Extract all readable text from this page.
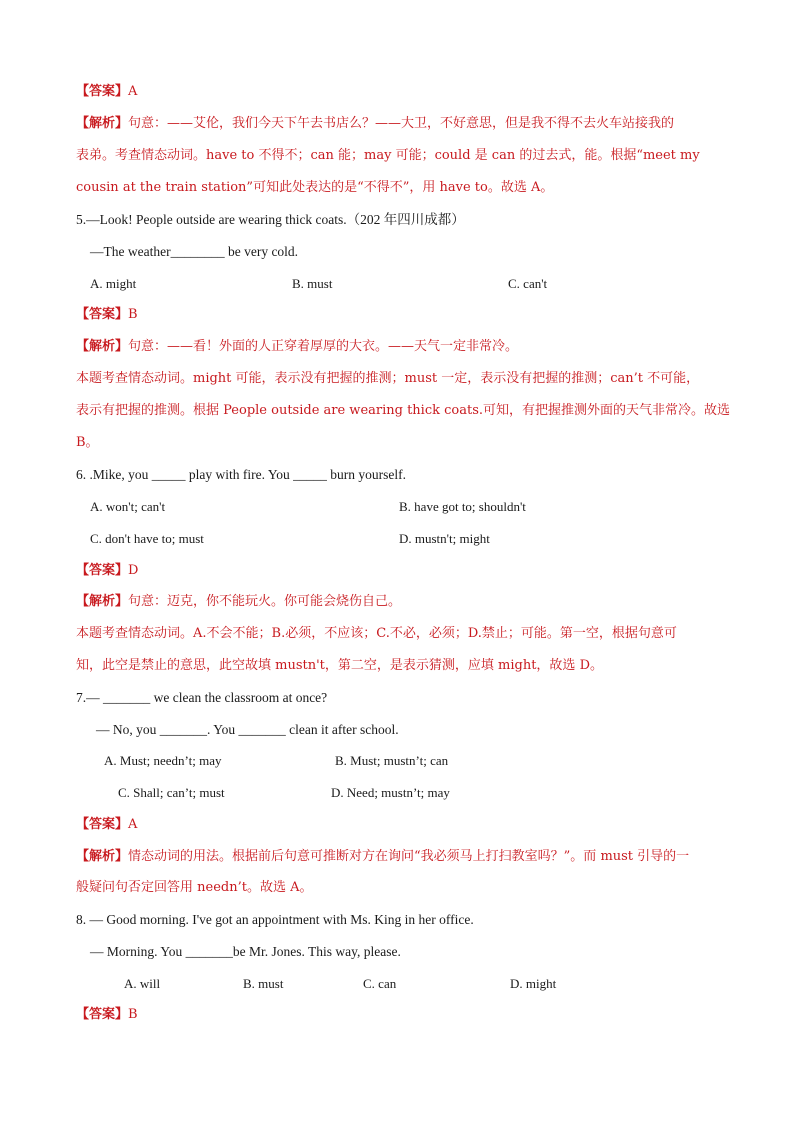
【答案】A
【解析】句意：——艾伦，我们今天下午去书店么？——大卫，不好意思，但是我不得不去火车站接我的
表弟。考查情态动词。have to 不得不；can 能；may 可能；could 是 can 的过去式，能。根据“meet my
cousin at the train station”可知此处表达的是“不得不”，用 have to。故选 A。
5.—Look! People outside are wearing thick coats.（202 年四川成都）
—The weather________ be very cold.
A. might	B. must	C. can't
【答案】B
【解析】句意：——看！外面的人正穿着厚厚的大衣。——天气一定非常冷。
本题考查情态动词。might 可能，表示没有把握的推测；must 一定，表示没有把握的推测；can’t 不可能，
表示有把握的推测。根据 People outside are wearing thick coats.可知，有把握推测外面的天气非常冷。故选
B。
6. .Mike, you _____ play with fire. You _____ burn yourself.
A. won't; can't	B. have got to; shouldn't
C. don't have to; must	D. mustn't; might
【答案】D
【解析】句意：迈克，你不能玩火。你可能会烧伤自己。
本题考查情态动词。A.不会不能；B.必须，不应该；C.不必，必须；D.禁止；可能。第一空，根据句意可
知，此空是禁止的意思，此空故填 mustn't，第二空，是表示猜测，应填 might，故选 D。
7.— _______ we clean the classroom at once?
— No, you _______. You _______ clean it after school.
A. Must; needn’t; may	B. Must; mustn’t; can
C. Shall; can’t; must	D. Need; mustn’t; may
【答案】A
【解析】情态动词的用法。根据前后句意可推断对方在询问“我必须马上打扫教室吗？”。而 must 引导的一
般疑问句否定回答用 needn’t。故选 A。
8. — Good morning. I've got an appointment with Ms. King in her office.
— Morning. You _______be Mr. Jones. This way, please.
A. will	B. must	C. can	D. might
【答案】B
